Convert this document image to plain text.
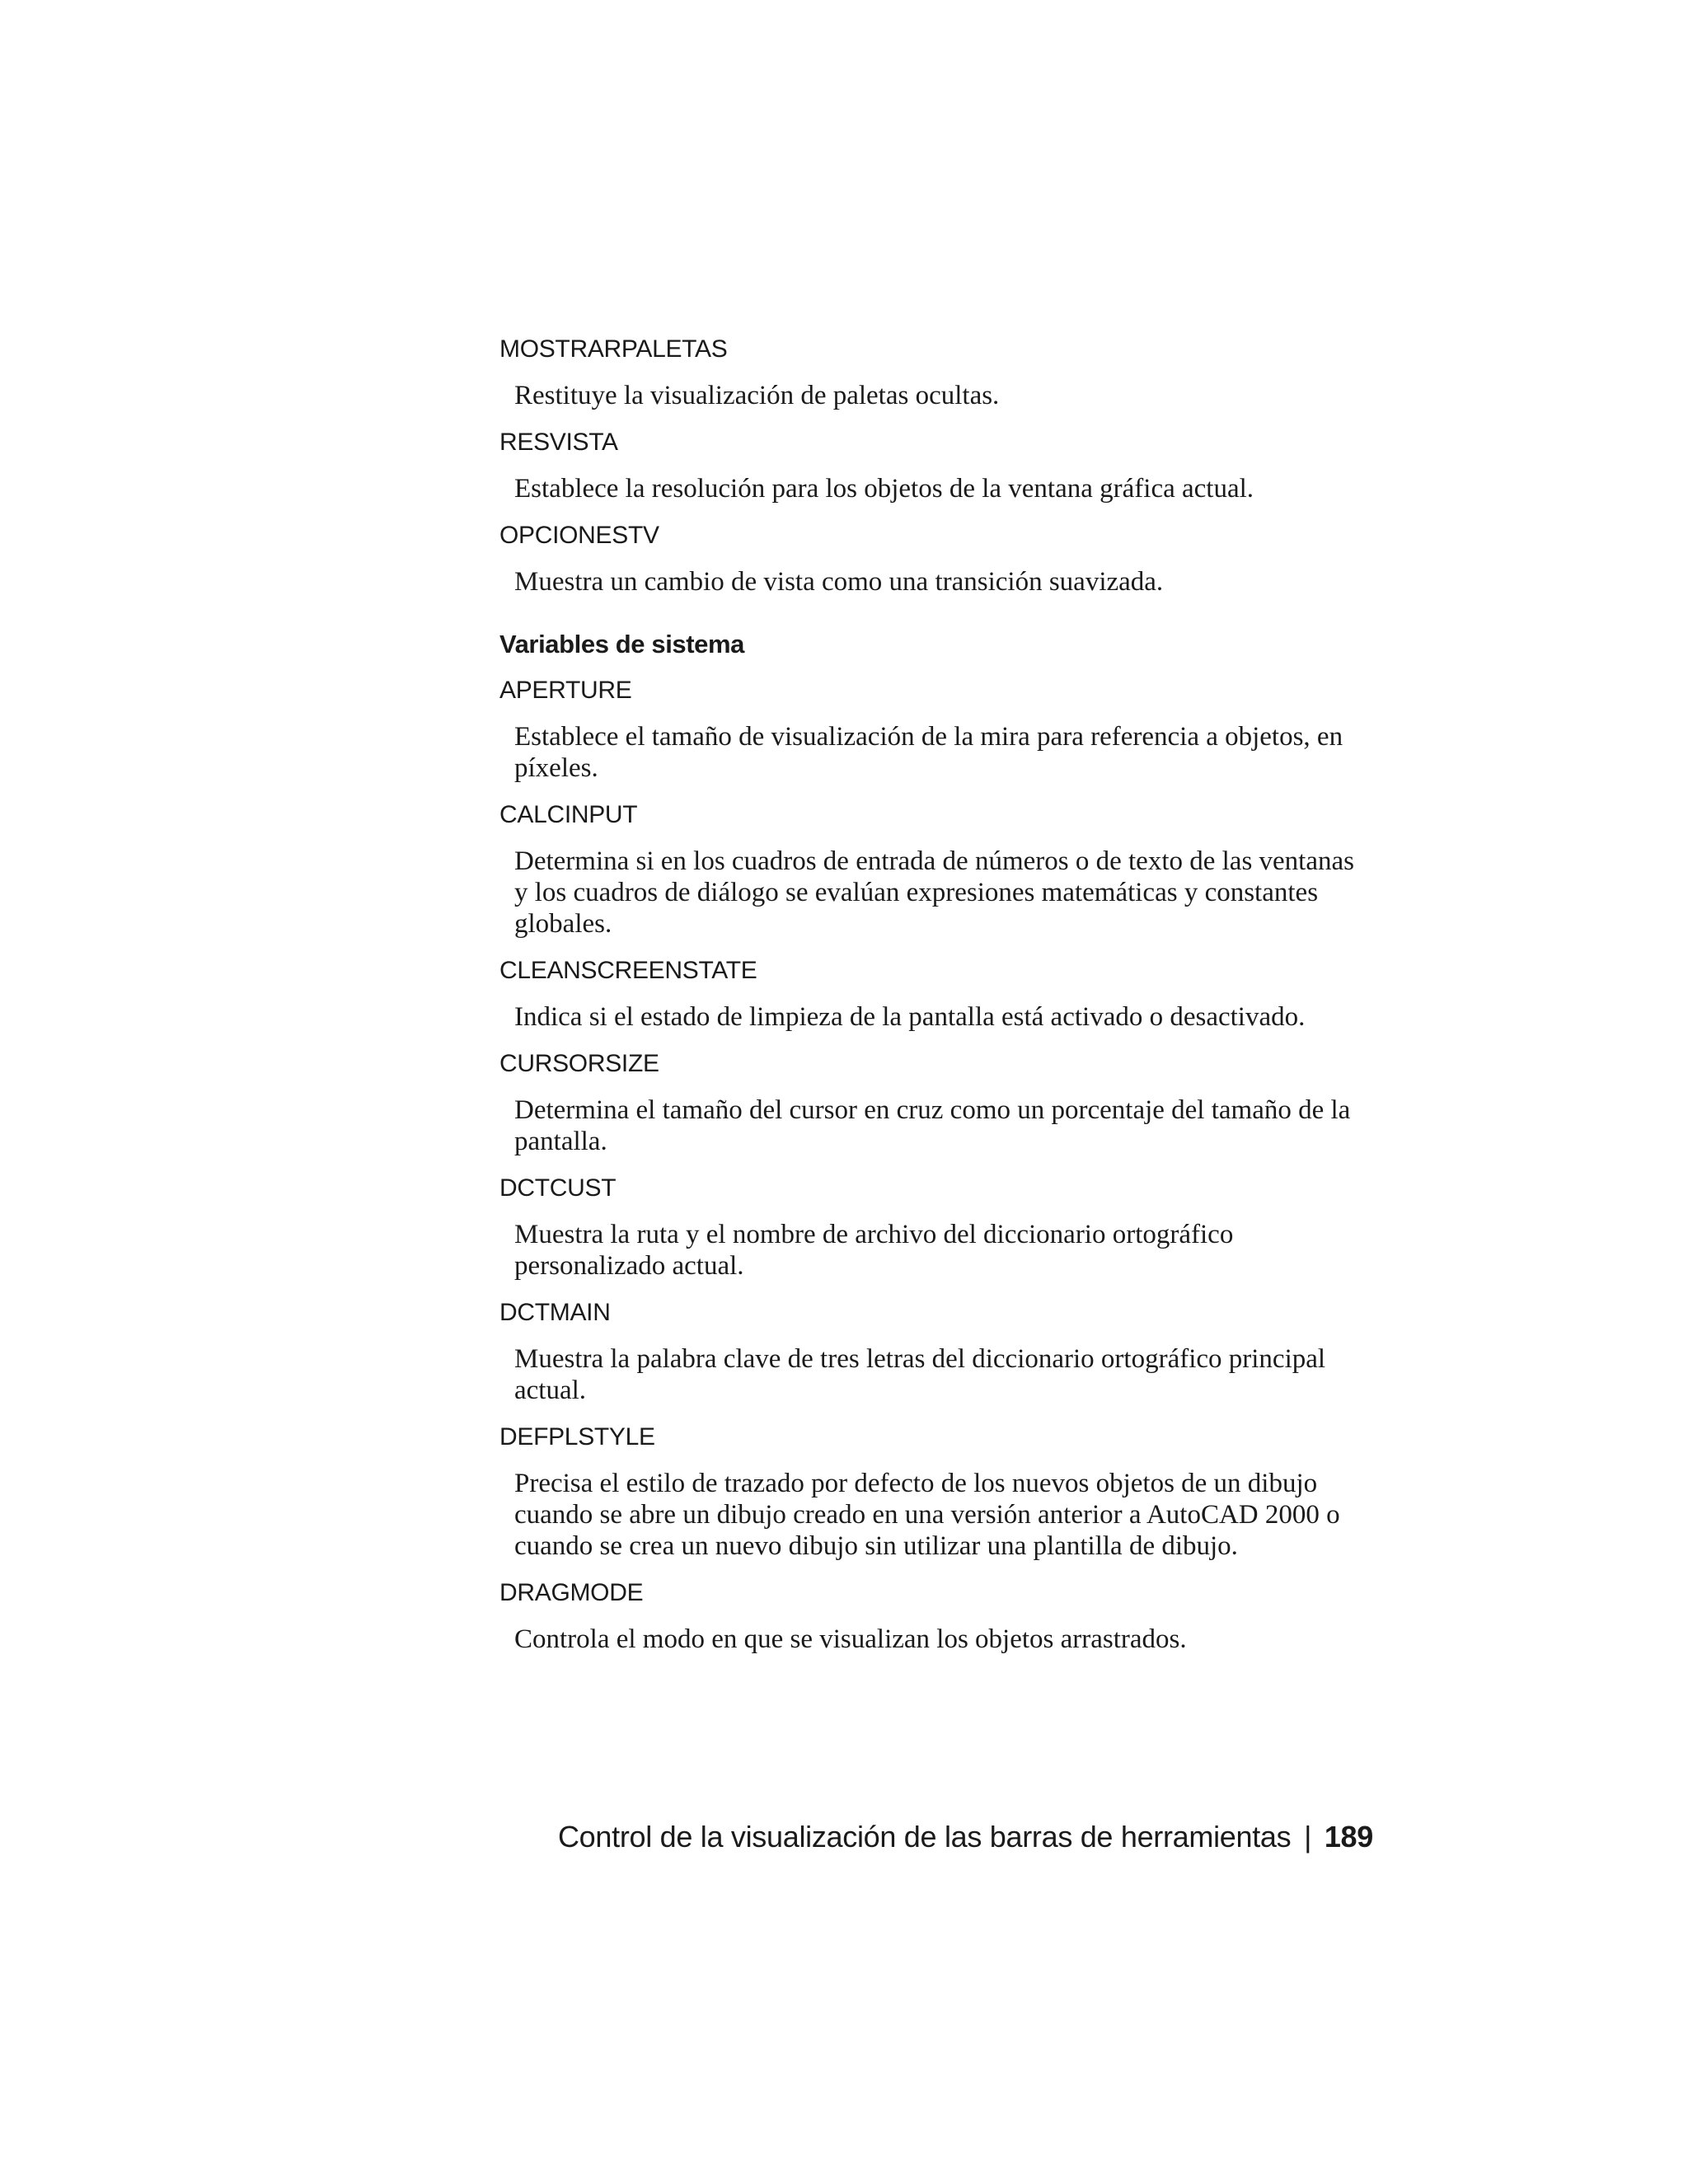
MOSTRARPALETAS

Restituye la visualización de paletas ocultas.

RESVISTA

Establece la resolución para los objetos de la ventana gráfica actual.

OPCIONESTV

Muestra un cambio de vista como una transición suavizada.

Variables de sistema

APERTURE

Establece el tamaño de visualización de la mira para referencia a objetos, en píxeles.

CALCINPUT

Determina si en los cuadros de entrada de números o de texto de las ventanas y los cuadros de diálogo se evalúan expresiones matemáticas y constantes globales.

CLEANSCREENSTATE

Indica si el estado de limpieza de la pantalla está activado o desactivado.

CURSORSIZE

Determina el tamaño del cursor en cruz como un porcentaje del tamaño de la pantalla.

DCTCUST

Muestra la ruta y el nombre de archivo del diccionario ortográfico personalizado actual.

DCTMAIN

Muestra la palabra clave de tres letras del diccionario ortográfico principal actual.

DEFPLSTYLE

Precisa el estilo de trazado por defecto de los nuevos objetos de un dibujo cuando se abre un dibujo creado en una versión anterior a AutoCAD 2000 o cuando se crea un nuevo dibujo sin utilizar una plantilla de dibujo.

DRAGMODE

Controla el modo en que se visualizan los objetos arrastrados.

Control de la visualización de las barras de herramientas | 189
